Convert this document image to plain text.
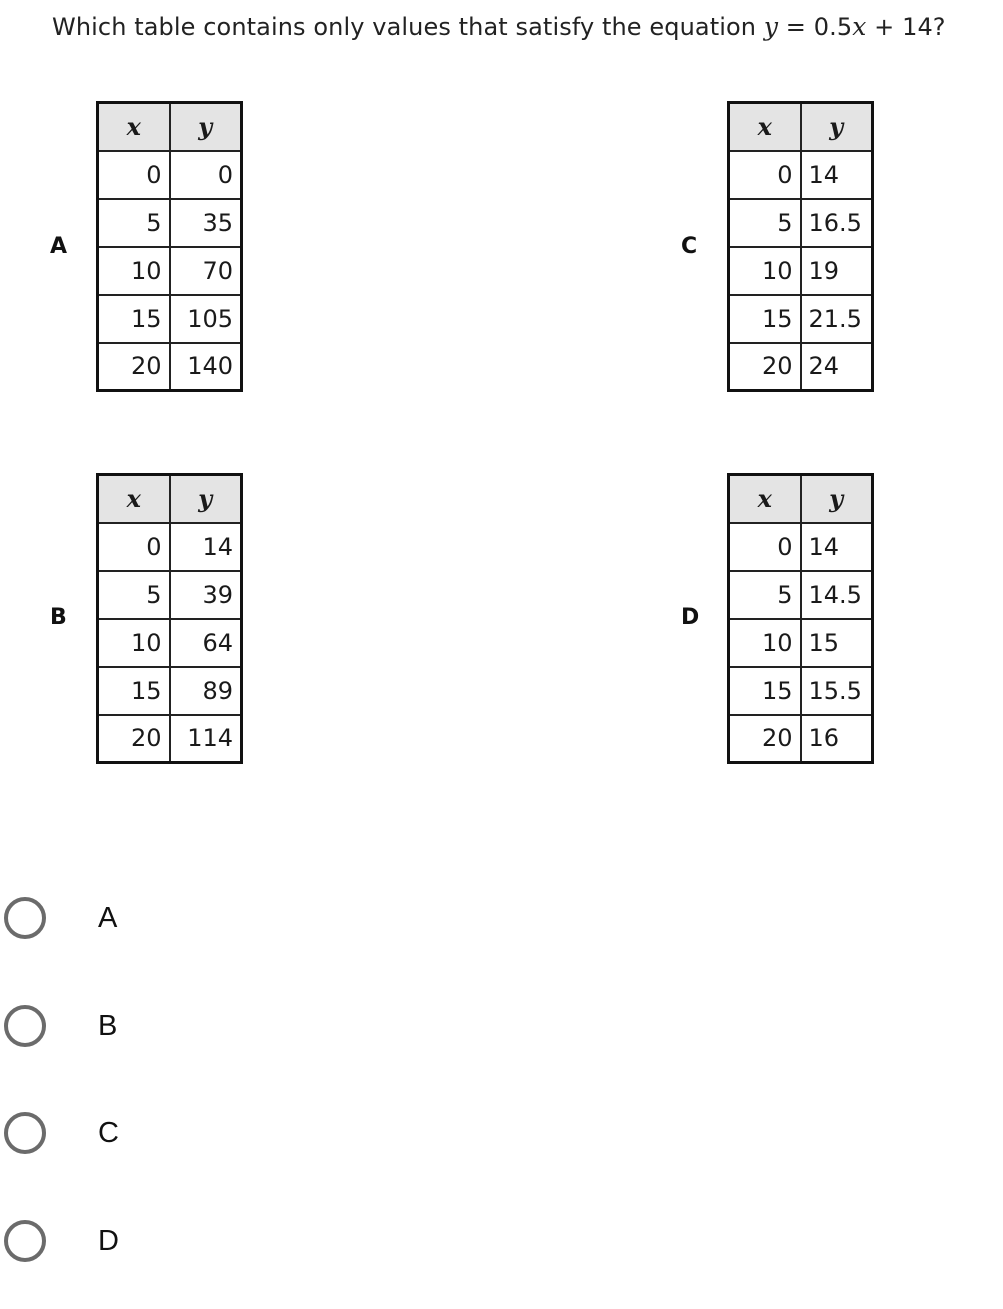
Which table contains only values that satisfy the equation y = 0.5x + 14?
A
x	y
0	0
5	35
10	70
15	105
20	140
C
x	y
0	14
5	16.5
10	19
15	21.5
20	24
B
x	y
0	14
5	39
10	64
15	89
20	114
D
x	y
0	14
5	14.5
10	15
15	15.5
20	16
A
B
C
D
